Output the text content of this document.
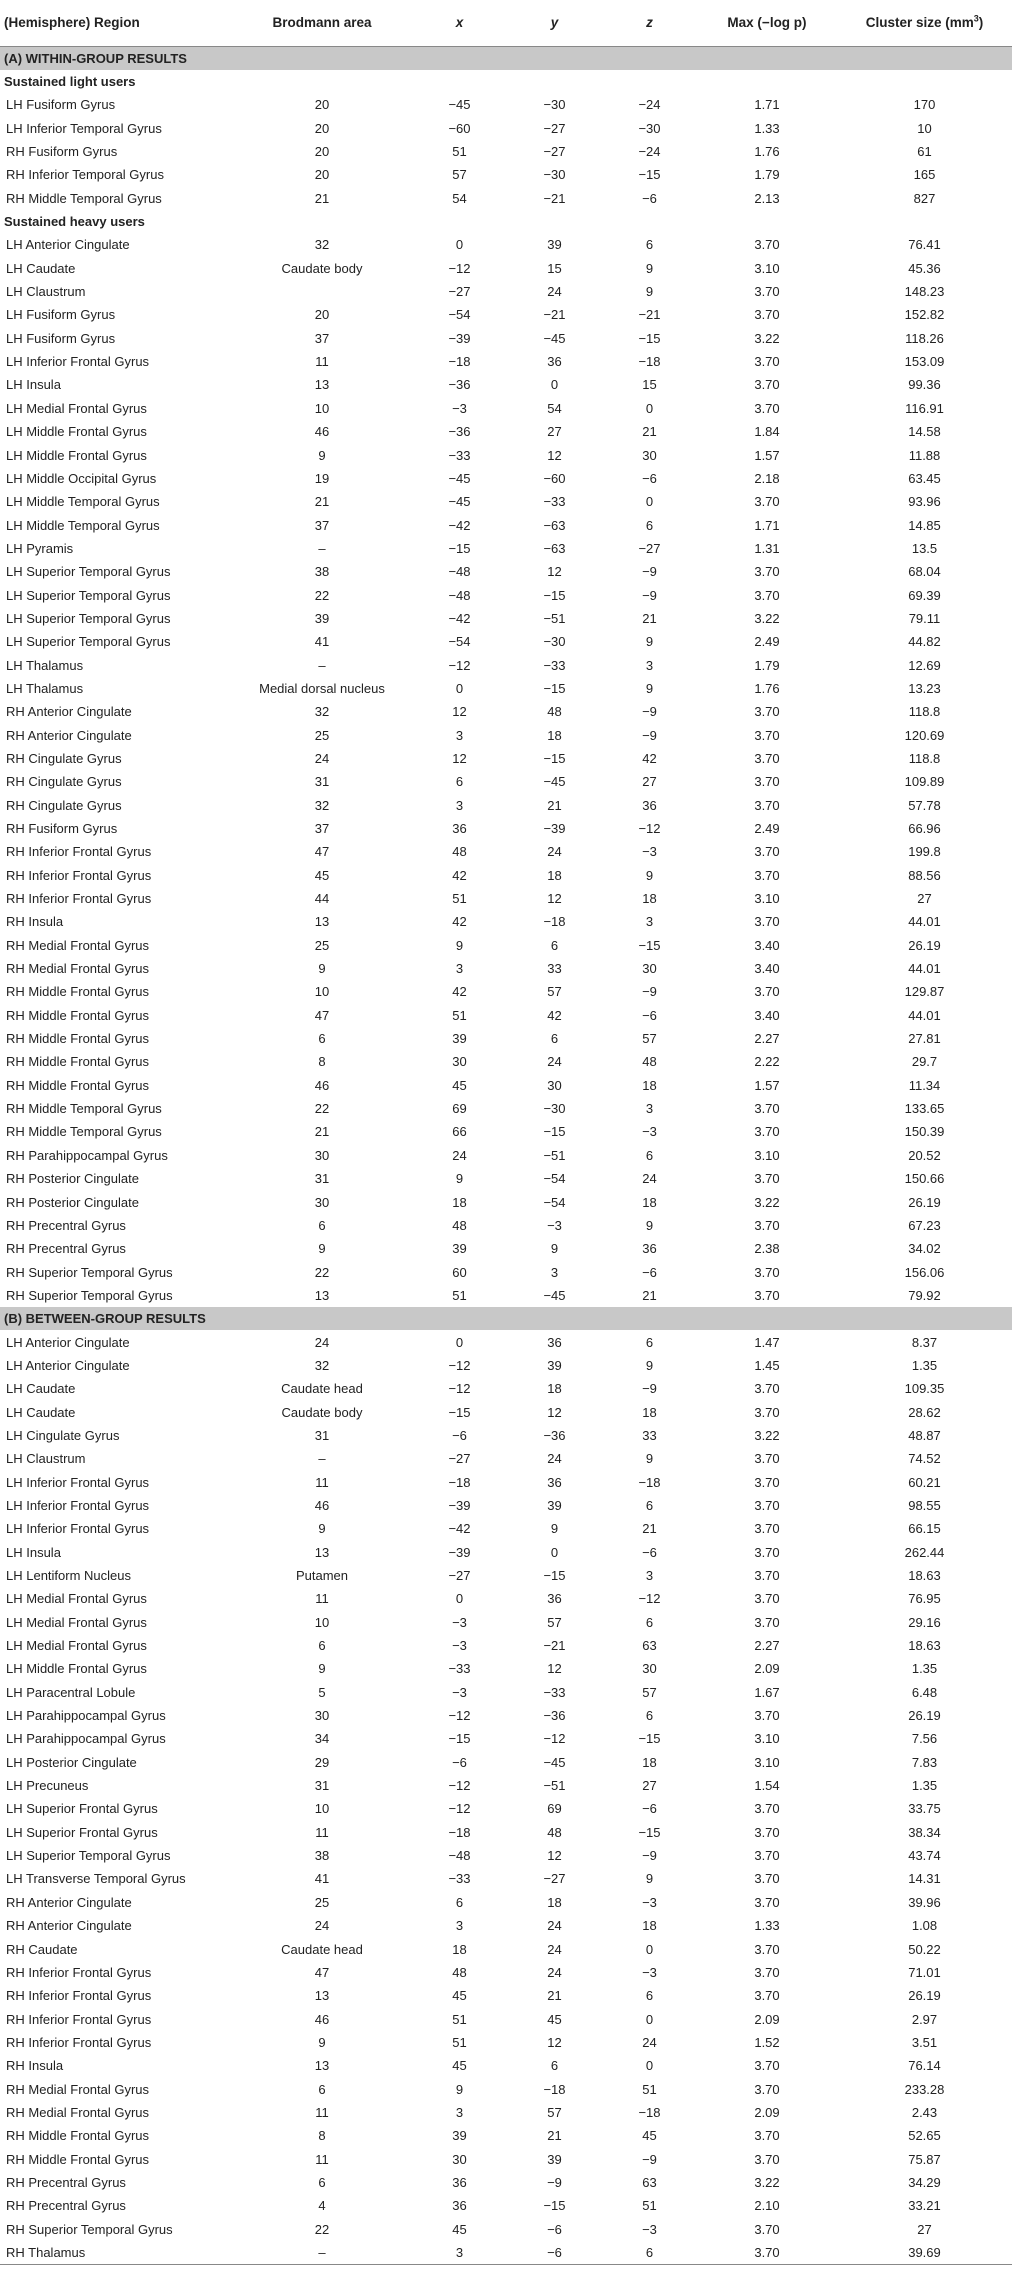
(Hemisphere) Region	Brodmann area	x	y	z	Max (−log p)	Cluster size $(mm^3)$
(A) WITHIN-GROUP RESULTS						
Sustained light users						
LH Fusiform Gyrus	20	−45	−30	−24	1.71	170
LH Inferior Temporal Gyrus	20	−60	−27	−30	1.33	10
RH Fusiform Gyrus	20	51	−27	−24	1.76	61
RH Inferior Temporal Gyrus	20	57	−30	−15	1.79	165
RH Middle Temporal Gyrus	21	54	−21	−6	2.13	827
Sustained heavy users						
LH Anterior Cingulate	32	0	39	6	3.70	76.41
LH Caudate	Caudate body	−12	15	9	3.10	45.36
LH Claustrum		−27	24	9	3.70	148.23
LH Fusiform Gyrus	20	−54	−21	−21	3.70	152.82
LH Fusiform Gyrus	37	−39	−45	−15	3.22	118.26
LH Inferior Frontal Gyrus	11	−18	36	−18	3.70	153.09
LH Insula	13	−36	0	15	3.70	99.36
LH Medial Frontal Gyrus	10	−3	54	0	3.70	116.91
LH Middle Frontal Gyrus	46	−36	27	21	1.84	14.58
LH Middle Frontal Gyrus	9	−33	12	30	1.57	11.88
LH Middle Occipital Gyrus	19	−45	−60	−6	2.18	63.45
LH Middle Temporal Gyrus	21	−45	−33	0	3.70	93.96
LH Middle Temporal Gyrus	37	−42	−63	6	1.71	14.85
LH Pyramis	–	−15	−63	−27	1.31	13.5
LH Superior Temporal Gyrus	38	−48	12	−9	3.70	68.04
LH Superior Temporal Gyrus	22	−48	−15	−9	3.70	69.39
LH Superior Temporal Gyrus	39	−42	−51	21	3.22	79.11
LH Superior Temporal Gyrus	41	−54	−30	9	2.49	44.82
LH Thalamus	–	−12	−33	3	1.79	12.69
LH Thalamus	Medial dorsal nucleus	0	−15	9	1.76	13.23
RH Anterior Cingulate	32	12	48	−9	3.70	118.8
RH Anterior Cingulate	25	3	18	−9	3.70	120.69
RH Cingulate Gyrus	24	12	−15	42	3.70	118.8
RH Cingulate Gyrus	31	6	−45	27	3.70	109.89
RH Cingulate Gyrus	32	3	21	36	3.70	57.78
RH Fusiform Gyrus	37	36	−39	−12	2.49	66.96
RH Inferior Frontal Gyrus	47	48	24	−3	3.70	199.8
RH Inferior Frontal Gyrus	45	42	18	9	3.70	88.56
RH Inferior Frontal Gyrus	44	51	12	18	3.10	27
RH Insula	13	42	−18	3	3.70	44.01
RH Medial Frontal Gyrus	25	9	6	−15	3.40	26.19
RH Medial Frontal Gyrus	9	3	33	30	3.40	44.01
RH Middle Frontal Gyrus	10	42	57	−9	3.70	129.87
RH Middle Frontal Gyrus	47	51	42	−6	3.40	44.01
RH Middle Frontal Gyrus	6	39	6	57	2.27	27.81
RH Middle Frontal Gyrus	8	30	24	48	2.22	29.7
RH Middle Frontal Gyrus	46	45	30	18	1.57	11.34
RH Middle Temporal Gyrus	22	69	−30	3	3.70	133.65
RH Middle Temporal Gyrus	21	66	−15	−3	3.70	150.39
RH Parahippocampal Gyrus	30	24	−51	6	3.10	20.52
RH Posterior Cingulate	31	9	−54	24	3.70	150.66
RH Posterior Cingulate	30	18	−54	18	3.22	26.19
RH Precentral Gyrus	6	48	−3	9	3.70	67.23
RH Precentral Gyrus	9	39	9	36	2.38	34.02
RH Superior Temporal Gyrus	22	60	3	−6	3.70	156.06
RH Superior Temporal Gyrus	13	51	−45	21	3.70	79.92
(B) BETWEEN-GROUP RESULTS						
LH Anterior Cingulate	24	0	36	6	1.47	8.37
LH Anterior Cingulate	32	−12	39	9	1.45	1.35
LH Caudate	Caudate head	−12	18	−9	3.70	109.35
LH Caudate	Caudate body	−15	12	18	3.70	28.62
LH Cingulate Gyrus	31	−6	−36	33	3.22	48.87
LH Claustrum	–	−27	24	9	3.70	74.52
LH Inferior Frontal Gyrus	11	−18	36	−18	3.70	60.21
LH Inferior Frontal Gyrus	46	−39	39	6	3.70	98.55
LH Inferior Frontal Gyrus	9	−42	9	21	3.70	66.15
LH Insula	13	−39	0	−6	3.70	262.44
LH Lentiform Nucleus	Putamen	−27	−15	3	3.70	18.63
LH Medial Frontal Gyrus	11	0	36	−12	3.70	76.95
LH Medial Frontal Gyrus	10	−3	57	6	3.70	29.16
LH Medial Frontal Gyrus	6	−3	−21	63	2.27	18.63
LH Middle Frontal Gyrus	9	−33	12	30	2.09	1.35
LH Paracentral Lobule	5	−3	−33	57	1.67	6.48
LH Parahippocampal Gyrus	30	−12	−36	6	3.70	26.19
LH Parahippocampal Gyrus	34	−15	−12	−15	3.10	7.56
LH Posterior Cingulate	29	−6	−45	18	3.10	7.83
LH Precuneus	31	−12	−51	27	1.54	1.35
LH Superior Frontal Gyrus	10	−12	69	−6	3.70	33.75
LH Superior Frontal Gyrus	11	−18	48	−15	3.70	38.34
LH Superior Temporal Gyrus	38	−48	12	−9	3.70	43.74
LH Transverse Temporal Gyrus	41	−33	−27	9	3.70	14.31
RH Anterior Cingulate	25	6	18	−3	3.70	39.96
RH Anterior Cingulate	24	3	24	18	1.33	1.08
RH Caudate	Caudate head	18	24	0	3.70	50.22
RH Inferior Frontal Gyrus	47	48	24	−3	3.70	71.01
RH Inferior Frontal Gyrus	13	45	21	6	3.70	26.19
RH Inferior Frontal Gyrus	46	51	45	0	2.09	2.97
RH Inferior Frontal Gyrus	9	51	12	24	1.52	3.51
RH Insula	13	45	6	0	3.70	76.14
RH Medial Frontal Gyrus	6	9	−18	51	3.70	233.28
RH Medial Frontal Gyrus	11	3	57	−18	2.09	2.43
RH Middle Frontal Gyrus	8	39	21	45	3.70	52.65
RH Middle Frontal Gyrus	11	30	39	−9	3.70	75.87
RH Precentral Gyrus	6	36	−9	63	3.22	34.29
RH Precentral Gyrus	4	36	−15	51	2.10	33.21
RH Superior Temporal Gyrus	22	45	−6	−3	3.70	27
RH Thalamus	–	3	−6	6	3.70	39.69
